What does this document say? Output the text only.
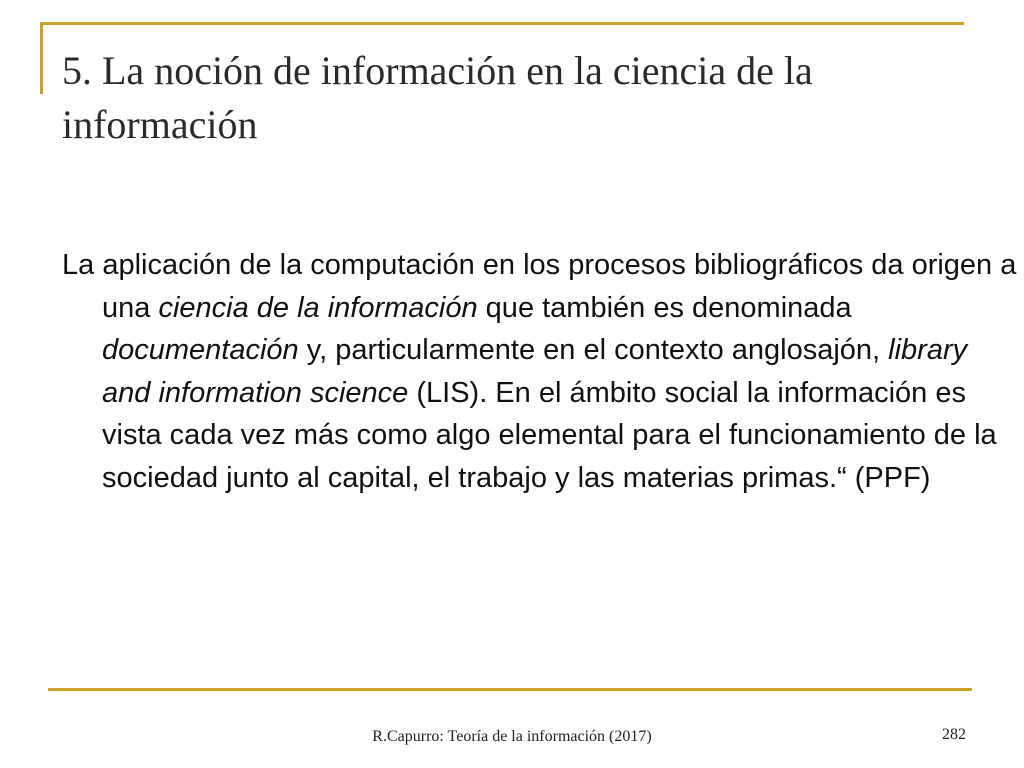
5. La noción de información en la ciencia de la información

La aplicación de la computación en los procesos bibliográficos da origen a una ciencia de la información que también es denominada documentación y, particularmente en el contexto anglosajón, library and information science (LIS). En el ámbito social la información es vista cada vez más como algo elemental para el funcionamiento de la sociedad junto al capital, el trabajo y las materias primas.“ (PPF)

R.Capurro: Teoría de la información (2017)	282
